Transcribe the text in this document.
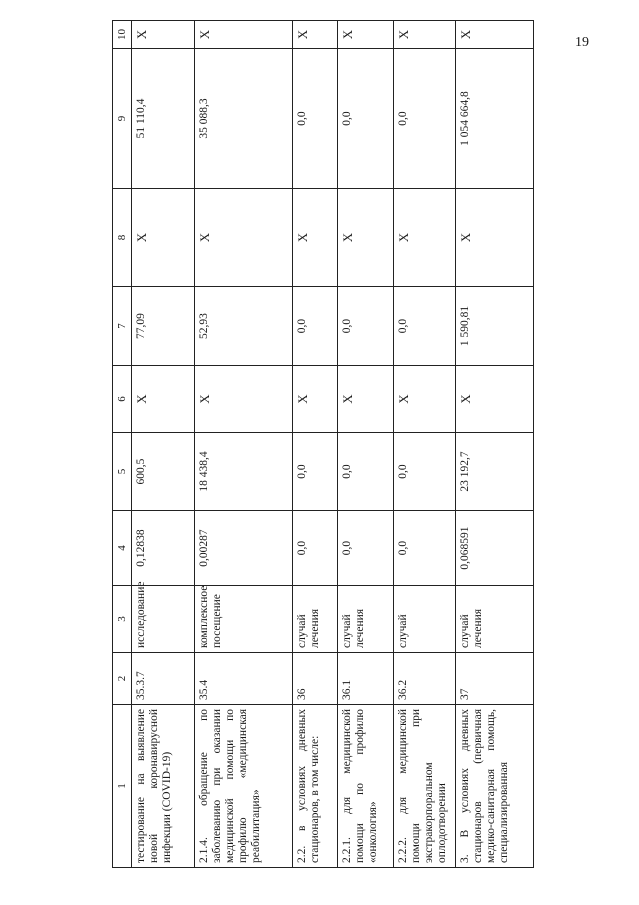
19
1	2	3	4	5	6	7	8	9	10
тестирование на выявление новой коронавирусной инфекции (COVID-19)	35.3.7	исследование	0,12838	600,5	X	77,09	X	51 110,4	X
2.1.4. обращение по заболеванию при оказании медицинской помощи по профилю «медицинская реабилитация»	35.4	комплексное посещение	0,00287	18 438,4	X	52,93	X	35 088,3	X
2.2. в условиях дневных стационаров, в том числе:	36	случай лечения	0,0	0,0	X	0,0	X	0,0	X
2.2.1. для медицинской помощи по профилю «онкология»	36.1	случай лечения	0,0	0,0	X	0,0	X	0,0	X
2.2.2. для медицинской помощи при экстракорпоральном оплодотворении	36.2	случай	0,0	0,0	X	0,0	X	0,0	X
3. В условиях дневных стационаров (первичная медико-санитарная помощь, специализированная	37	случай лечения	0,068591	23 192,7	X	1 590,81	X	1 054 664,8	X
